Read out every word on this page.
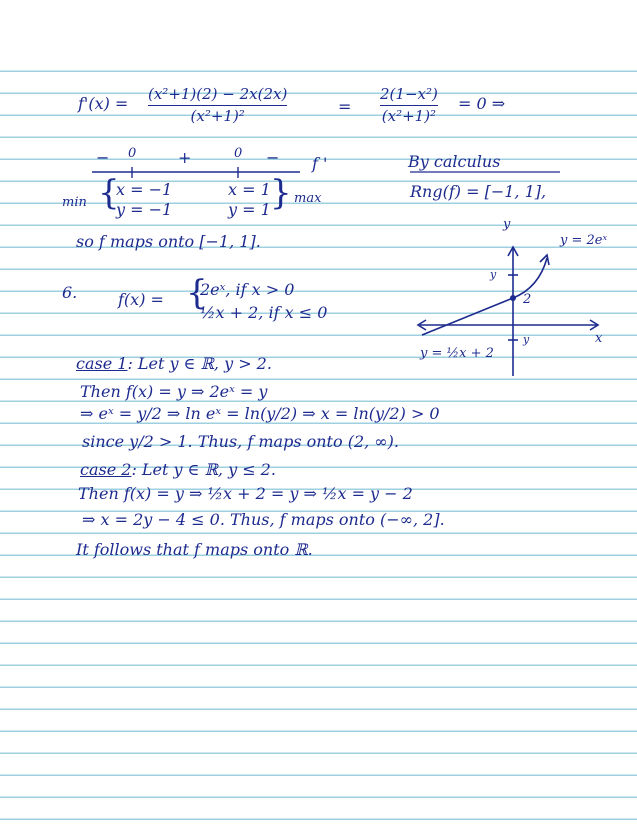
f'(x) = (x²+1)(2) − 2x(2x)
(x²+1)²	=
2(1−x²)
(x²+1)²
= 0 ⇒
− 0	+	0 − f '
min {
x = −1
y = −1
x = 1
y = 1 } max
By calculus
Rng(f) = [−1, 1],
so f maps onto [−1, 1].
6.	f(x) = {
2eˣ, if x > 0
½x + 2, if x ≤ 0
y
x
y = 2eˣ
y = ½x + 2
2
y
y
case 1: Let y ∈ ℝ, y > 2.
Then f(x) = y ⇒ 2eˣ = y
⇒ eˣ = y/2 ⇒ ln eˣ = ln(y/2) ⇒ x = ln(y/2) > 0
since y/2 > 1. Thus, f maps onto (2, ∞).
case 2: Let y ∈ ℝ, y ≤ 2.
Then f(x) = y ⇒ ½x + 2 = y ⇒ ½x = y − 2
⇒ x = 2y − 4 ≤ 0. Thus, f maps onto (−∞, 2].
It follows that f maps onto ℝ.
